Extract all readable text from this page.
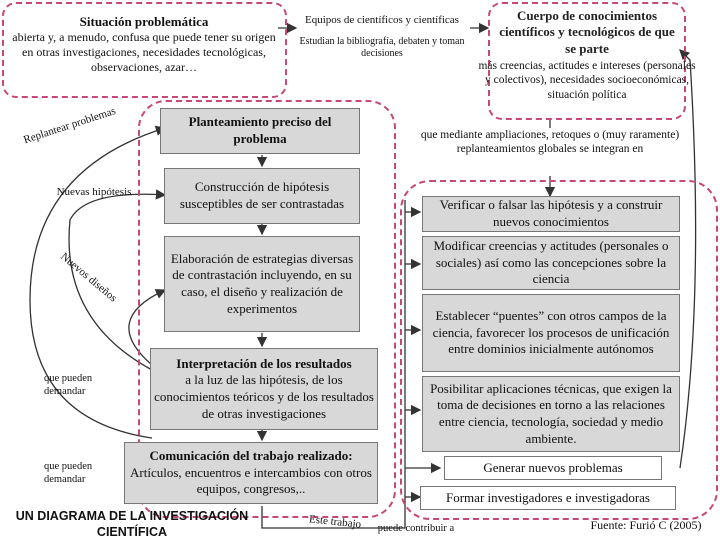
Situación problemática
abierta y, a menudo, confusa que puede tener su origen en otras investigaciones, necesidades tecnológicas, observaciones, azar…
Equipos de científicos y científicas
Estudian la bibliografía, debaten y toman decisiones
Cuerpo de conocimientos científicos y tecnológicos de que se parte
más creencias, actitudes e intereses (personales y colectivos), necesidades socioeconómicas, situación política
que mediante ampliaciones, retoques o (muy raramente) replanteamientos globales se integran en
Planteamiento preciso del problema
Construcción de hipótesis susceptibles de ser contrastadas
Elaboración de estrategias diversas de contrastación incluyendo, en su caso, el diseño y realización de experimentos
Interpretación de los resultados
a la luz de las hipótesis, de los conocimientos teóricos y de los resultados de otras investigaciones
Comunicación del trabajo realizado:
Artículos, encuentros e intercambios con otros equipos, congresos,..
Replantear problemas
Nuevas hipótesis
Nuevos diseños
que pueden demandar
que pueden demandar
Verificar o falsar las hipótesis y a construir nuevos conocimientos
Modificar creencias y actitudes (personales o sociales) así como las concepciones sobre la ciencia
Establecer “puentes” con otros campos de la ciencia, favorecer los procesos de unificación entre dominios inicialmente autónomos
Posibilitar aplicaciones técnicas, que exigen la toma de decisiones en torno a las relaciones entre ciencia, tecnología, sociedad y medio ambiente.
Generar nuevos problemas
Formar investigadores e investigadoras
UN DIAGRAMA DE LA INVESTIGACIÓN CIENTÍFICA
Este trabajo	puede contribuir a	Fuente: Furió C (2005)
